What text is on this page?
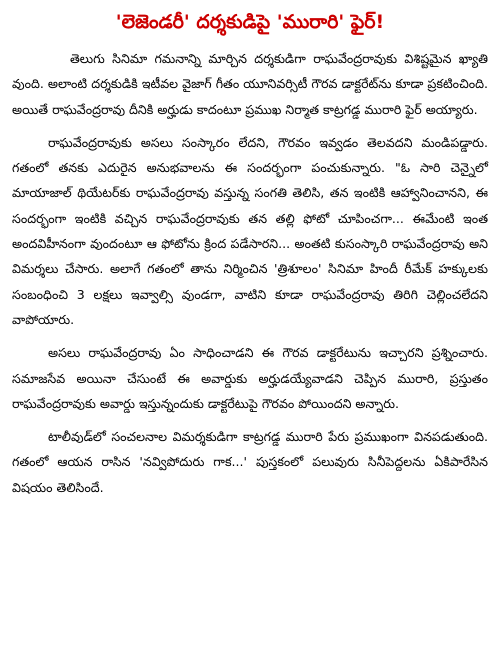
'లెజెండరీ' దర్శకుడిపై 'మురారి' ఫైర్!

తెలుగు సినిమా గమనాన్ని మార్చిన దర్శకుడిగా రాఘవేంద్రరావుకు విశిష్టమైన ఖ్యాతి వుంది. అలాంటి దర్శకుడికి ఇటీవల వైజాగ్ గీతం యూనివర్సిటీ గౌరవ డాక్టరేట్‌ను కూడా ప్రకటించింది. అయితే రాఘవేంద్రరావు దీనికి అర్హుడు కాదంటూ ప్రముఖ నిర్మాత కాట్రగడ్డ మురారి ఫైర్ అయ్యారు.

రాఘవేంద్రరావుకు అసలు సంస్కారం లేదని, గౌరవం ఇవ్వడం తెలవదని మండిపడ్డారు. గతంలో తనకు ఎదురైన అనుభవాలను ఈ సందర్భంగా పంచుకున్నారు. "ఓ సారి చెన్నైలో మాయాజాల్ థియేటర్‌కు రాఘవేంద్రరావు వస్తున్న సంగతి తెలిసి, తన ఇంటికి ఆహ్వానించానని, ఈ సందర్భంగా ఇంటికి వచ్చిన రాఘవేంద్రరావుకు తన తల్లి ఫోటో చూపించగా... ఈమేంటి ఇంత అందవిహీనంగా వుందంటూ ఆ ఫోటోను క్రింద పడేసారని... అంతటి కుసంస్కారి రాఘవేంద్రరావు అని విమర్శలు చేసారు. అలాగే గతంలో తాను నిర్మించిన 'త్రిశూలం' సినిమా హిందీ రీమేక్ హక్కులకు సంబంధించి 3 లక్షలు ఇవ్వాల్సి వుండగా, వాటిని కూడా రాఘవేంద్రరావు తిరిగి చెల్లించలేదని వాపోయారు.

అసలు రాఘవేంద్రరావు ఏం సాధించాడని ఈ గౌరవ డాక్టరేటును ఇచ్చారని ప్రశ్నించారు. సమాజసేవ అయినా చేసుంటే ఈ అవార్డుకు అర్హుడయ్యేవాడని చెప్పిన మురారి, ప్రస్తుతం రాఘవేంద్రరావుకు అవార్డు ఇస్తున్నందుకు డాక్టరేటుపై గౌరవం పోయిందని అన్నారు.

టాలీవుడ్‌లో సంచలనాల విమర్శకుడిగా కాట్రగడ్డ మురారి పేరు ప్రముఖంగా వినపడుతుంది. గతంలో ఆయన రాసిన 'నవ్విపోదురు గాక...' పుస్తకంలో పలువురు సినీపెద్దలను ఏకిపారేసిన విషయం తెలిసిందే.
